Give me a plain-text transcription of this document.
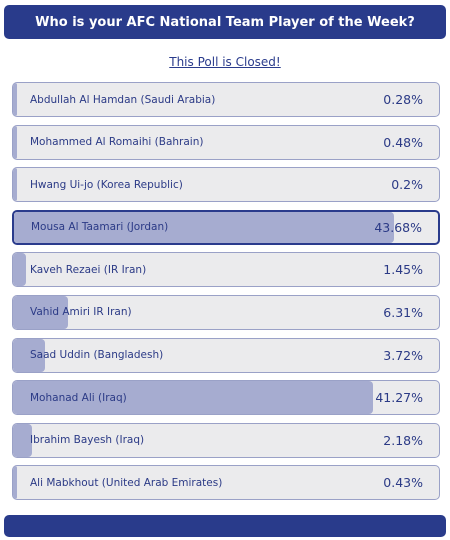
Who is your AFC National Team Player of the Week?
This Poll is Closed!
Abdullah Al Hamdan (Saudi Arabia)	0.28%
Mohammed Al Romaihi (Bahrain)	0.48%
Hwang Ui-jo (Korea Republic)	0.2%
Mousa Al Taamari (Jordan)	43.68%
Kaveh Rezaei (IR Iran)	1.45%
Vahid Amiri IR Iran)	6.31%
Saad Uddin (Bangladesh)	3.72%
Mohanad Ali (Iraq)	41.27%
Ibrahim Bayesh (Iraq)	2.18%
Ali Mabkhout (United Arab Emirates)	0.43%
